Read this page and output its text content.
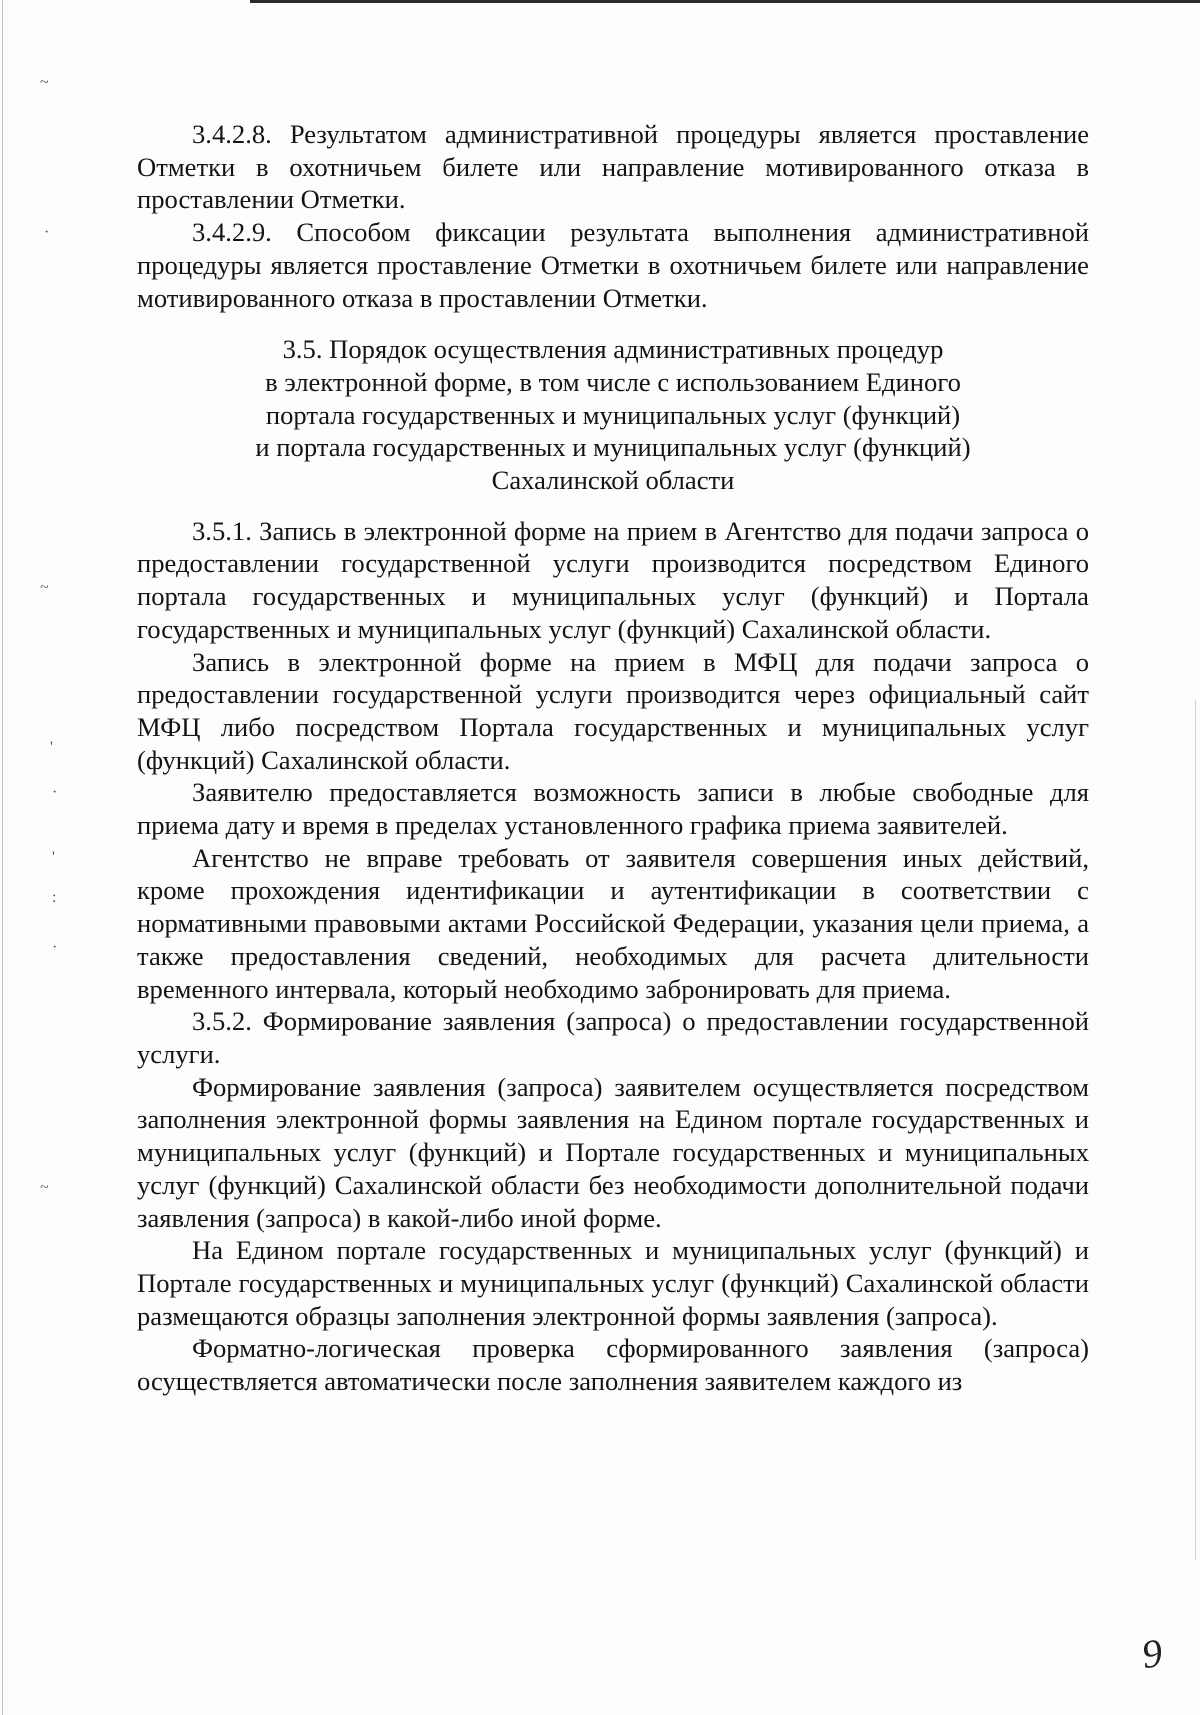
~
·
~
'
·
'
:
·
~

3.4.2.8. Результатом административной процедуры является проставление Отметки в охотничьем билете или направление мотивированного отказа в проставлении Отметки.

3.4.2.9. Способом фиксации результата выполнения административной процедуры является проставление Отметки в охотничьем билете или направление мотивированного отказа в проставлении Отметки.

3.5. Порядок осуществления административных процедур
в электронной форме, в том числе с использованием Единого
портала государственных и муниципальных услуг (функций)
и портала государственных и муниципальных услуг (функций)
Сахалинской области

3.5.1. Запись в электронной форме на прием в Агентство для подачи запроса о предоставлении государственной услуги производится посредством Единого портала государственных и муниципальных услуг (функций) и Портала государственных и муниципальных услуг (функций) Сахалинской области.

Запись в электронной форме на прием в МФЦ для подачи запроса о предоставлении государственной услуги производится через официальный сайт МФЦ либо посредством Портала государственных и муниципальных услуг (функций) Сахалинской области.

Заявителю предоставляется возможность записи в любые свободные для приема дату и время в пределах установленного графика приема заявителей.

Агентство не вправе требовать от заявителя совершения иных действий, кроме прохождения идентификации и аутентификации в соответствии с нормативными правовыми актами Российской Федерации, указания цели приема, а также предоставления сведений, необходимых для расчета длительности временного интервала, который необходимо забронировать для приема.

3.5.2. Формирование заявления (запроса) о предоставлении государственной услуги.

Формирование заявления (запроса) заявителем осуществляется посредством заполнения электронной формы заявления на Едином портале государственных и муниципальных услуг (функций) и Портале государственных и муниципальных услуг (функций) Сахалинской области без необходимости дополнительной подачи заявления (запроса) в какой-либо иной форме.

На Едином портале государственных и муниципальных услуг (функций) и Портале государственных и муниципальных услуг (функций) Сахалинской области размещаются образцы заполнения электронной формы заявления (запроса).

Форматно-логическая проверка сформированного заявления (запроса) осуществляется автоматически после заполнения заявителем каждого из

9
